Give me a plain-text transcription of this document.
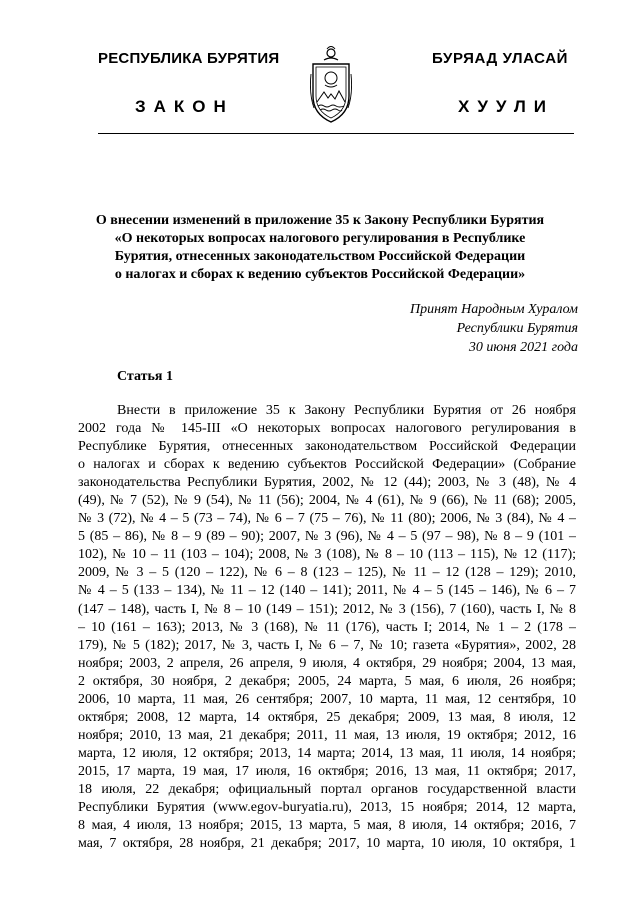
РЕСПУБЛИКА БУРЯТИЯ	БУРЯАД УЛАСАЙ
ЗАКОН	ХУУЛИ
О внесении изменений в приложение 35 к Закону Республики Бурятия
«О некоторых вопросах налогового регулирования в Республике
Бурятия, отнесенных законодательством Российской Федерации
о налогах и сборах к ведению субъектов Российской Федерации»
Принят Народным Хуралом
Республики Бурятия
30 июня 2021 года
Статья 1
Внести в приложение 35 к Закону Республики Бурятия от 26 ноября
2002 года № 145-III «О некоторых вопросах налогового регулирования в
Республике Бурятия, отнесенных законодательством Российской Федерации
о налогах и сборах к ведению субъектов Российской Федерации» (Собрание
законодательства Республики Бурятия, 2002, № 12 (44); 2003, № 3 (48), № 4
(49), № 7 (52), № 9 (54), № 11 (56); 2004, № 4 (61), № 9 (66), № 11 (68); 2005,
№ 3 (72), № 4 – 5 (73 – 74), № 6 – 7 (75 – 76), № 11 (80); 2006, № 3 (84), № 4 –
5 (85 – 86), № 8 – 9 (89 – 90); 2007, № 3 (96), № 4 – 5 (97 – 98), № 8 – 9 (101 –
102), № 10 – 11 (103 – 104); 2008, № 3 (108), № 8 – 10 (113 – 115), № 12 (117);
2009, № 3 – 5 (120 – 122), № 6 – 8 (123 – 125), № 11 – 12 (128 – 129); 2010,
№ 4 – 5 (133 – 134), № 11 – 12 (140 – 141); 2011, № 4 – 5 (145 – 146), № 6 – 7
(147 – 148), часть I, № 8 – 10 (149 – 151); 2012, № 3 (156), 7 (160), часть I, № 8
– 10 (161 – 163); 2013, № 3 (168), № 11 (176), часть I; 2014, № 1 – 2 (178 –
179), № 5 (182); 2017, № 3, часть I, № 6 – 7, № 10; газета «Бурятия», 2002, 28
ноября; 2003, 2 апреля, 26 апреля, 9 июля, 4 октября, 29 ноября; 2004, 13 мая,
2 октября, 30 ноября, 2 декабря; 2005, 24 марта, 5 мая, 6 июля, 26 ноября;
2006, 10 марта, 11 мая, 26 сентября; 2007, 10 марта, 11 мая, 12 сентября, 10
октября; 2008, 12 марта, 14 октября, 25 декабря; 2009, 13 мая, 8 июля, 12
ноября; 2010, 13 мая, 21 декабря; 2011, 11 мая, 13 июля, 19 октября; 2012, 16
марта, 12 июля, 12 октября; 2013, 14 марта; 2014, 13 мая, 11 июля, 14 ноября;
2015, 17 марта, 19 мая, 17 июля, 16 октября; 2016, 13 мая, 11 октября; 2017,
18 июля, 22 декабря; официальный портал органов государственной власти
Республики Бурятия (www.egov-buryatia.ru), 2013, 15 ноября; 2014, 12 марта,
8 мая, 4 июля, 13 ноября; 2015, 13 марта, 5 мая, 8 июля, 14 октября; 2016, 7
мая, 7 октября, 28 ноября, 21 декабря; 2017, 10 марта, 10 июля, 10 октября, 1
